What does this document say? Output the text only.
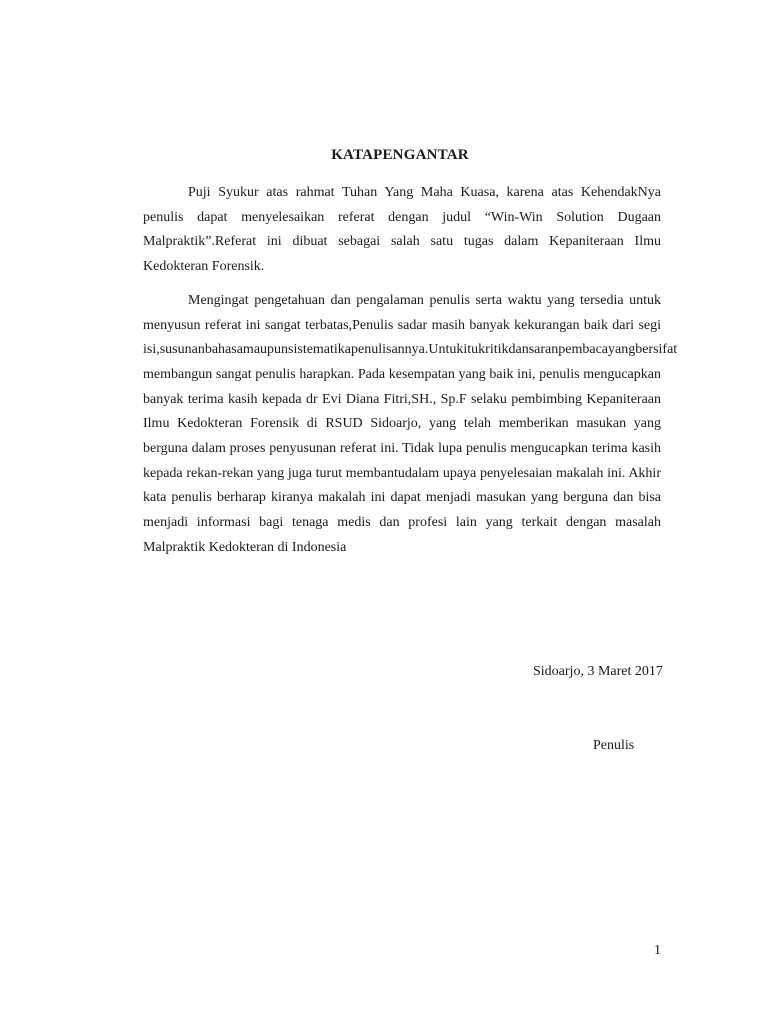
KATAPENGANTAR

Puji Syukur atas rahmat Tuhan Yang Maha Kuasa, karena atas KehendakNya penulis dapat menyelesaikan referat dengan judul “Win-Win Solution Dugaan Malpraktik”.Referat ini dibuat sebagai salah satu tugas dalam Kepaniteraan Ilmu Kedokteran Forensik.

Mengingat pengetahuan dan pengalaman penulis serta waktu yang tersedia untuk menyusun referat ini sangat terbatas,Penulis sadar masih banyak kekurangan baik dari segi isi,susunanbahasamaupunsistematikapenulisannya.Untukitukritikdansaranpembacayangbersifat membangun sangat penulis harapkan. Pada kesempatan yang baik ini, penulis mengucapkan banyak terima kasih kepada dr Evi Diana Fitri,SH., Sp.F selaku pembimbing Kepaniteraan Ilmu Kedokteran Forensik di RSUD Sidoarjo, yang telah memberikan masukan yang berguna dalam proses penyusunan referat ini. Tidak lupa penulis mengucapkan terima kasih kepada rekan-rekan yang juga turut membantudalam upaya penyelesaian makalah ini. Akhir kata penulis berharap kiranya makalah ini dapat menjadi masukan yang berguna dan bisa menjadi informasi bagi tenaga medis dan profesi lain yang terkait dengan masalah Malpraktik Kedokteran di Indonesia

Sidoarjo, 3 Maret 2017
Penulis
1
